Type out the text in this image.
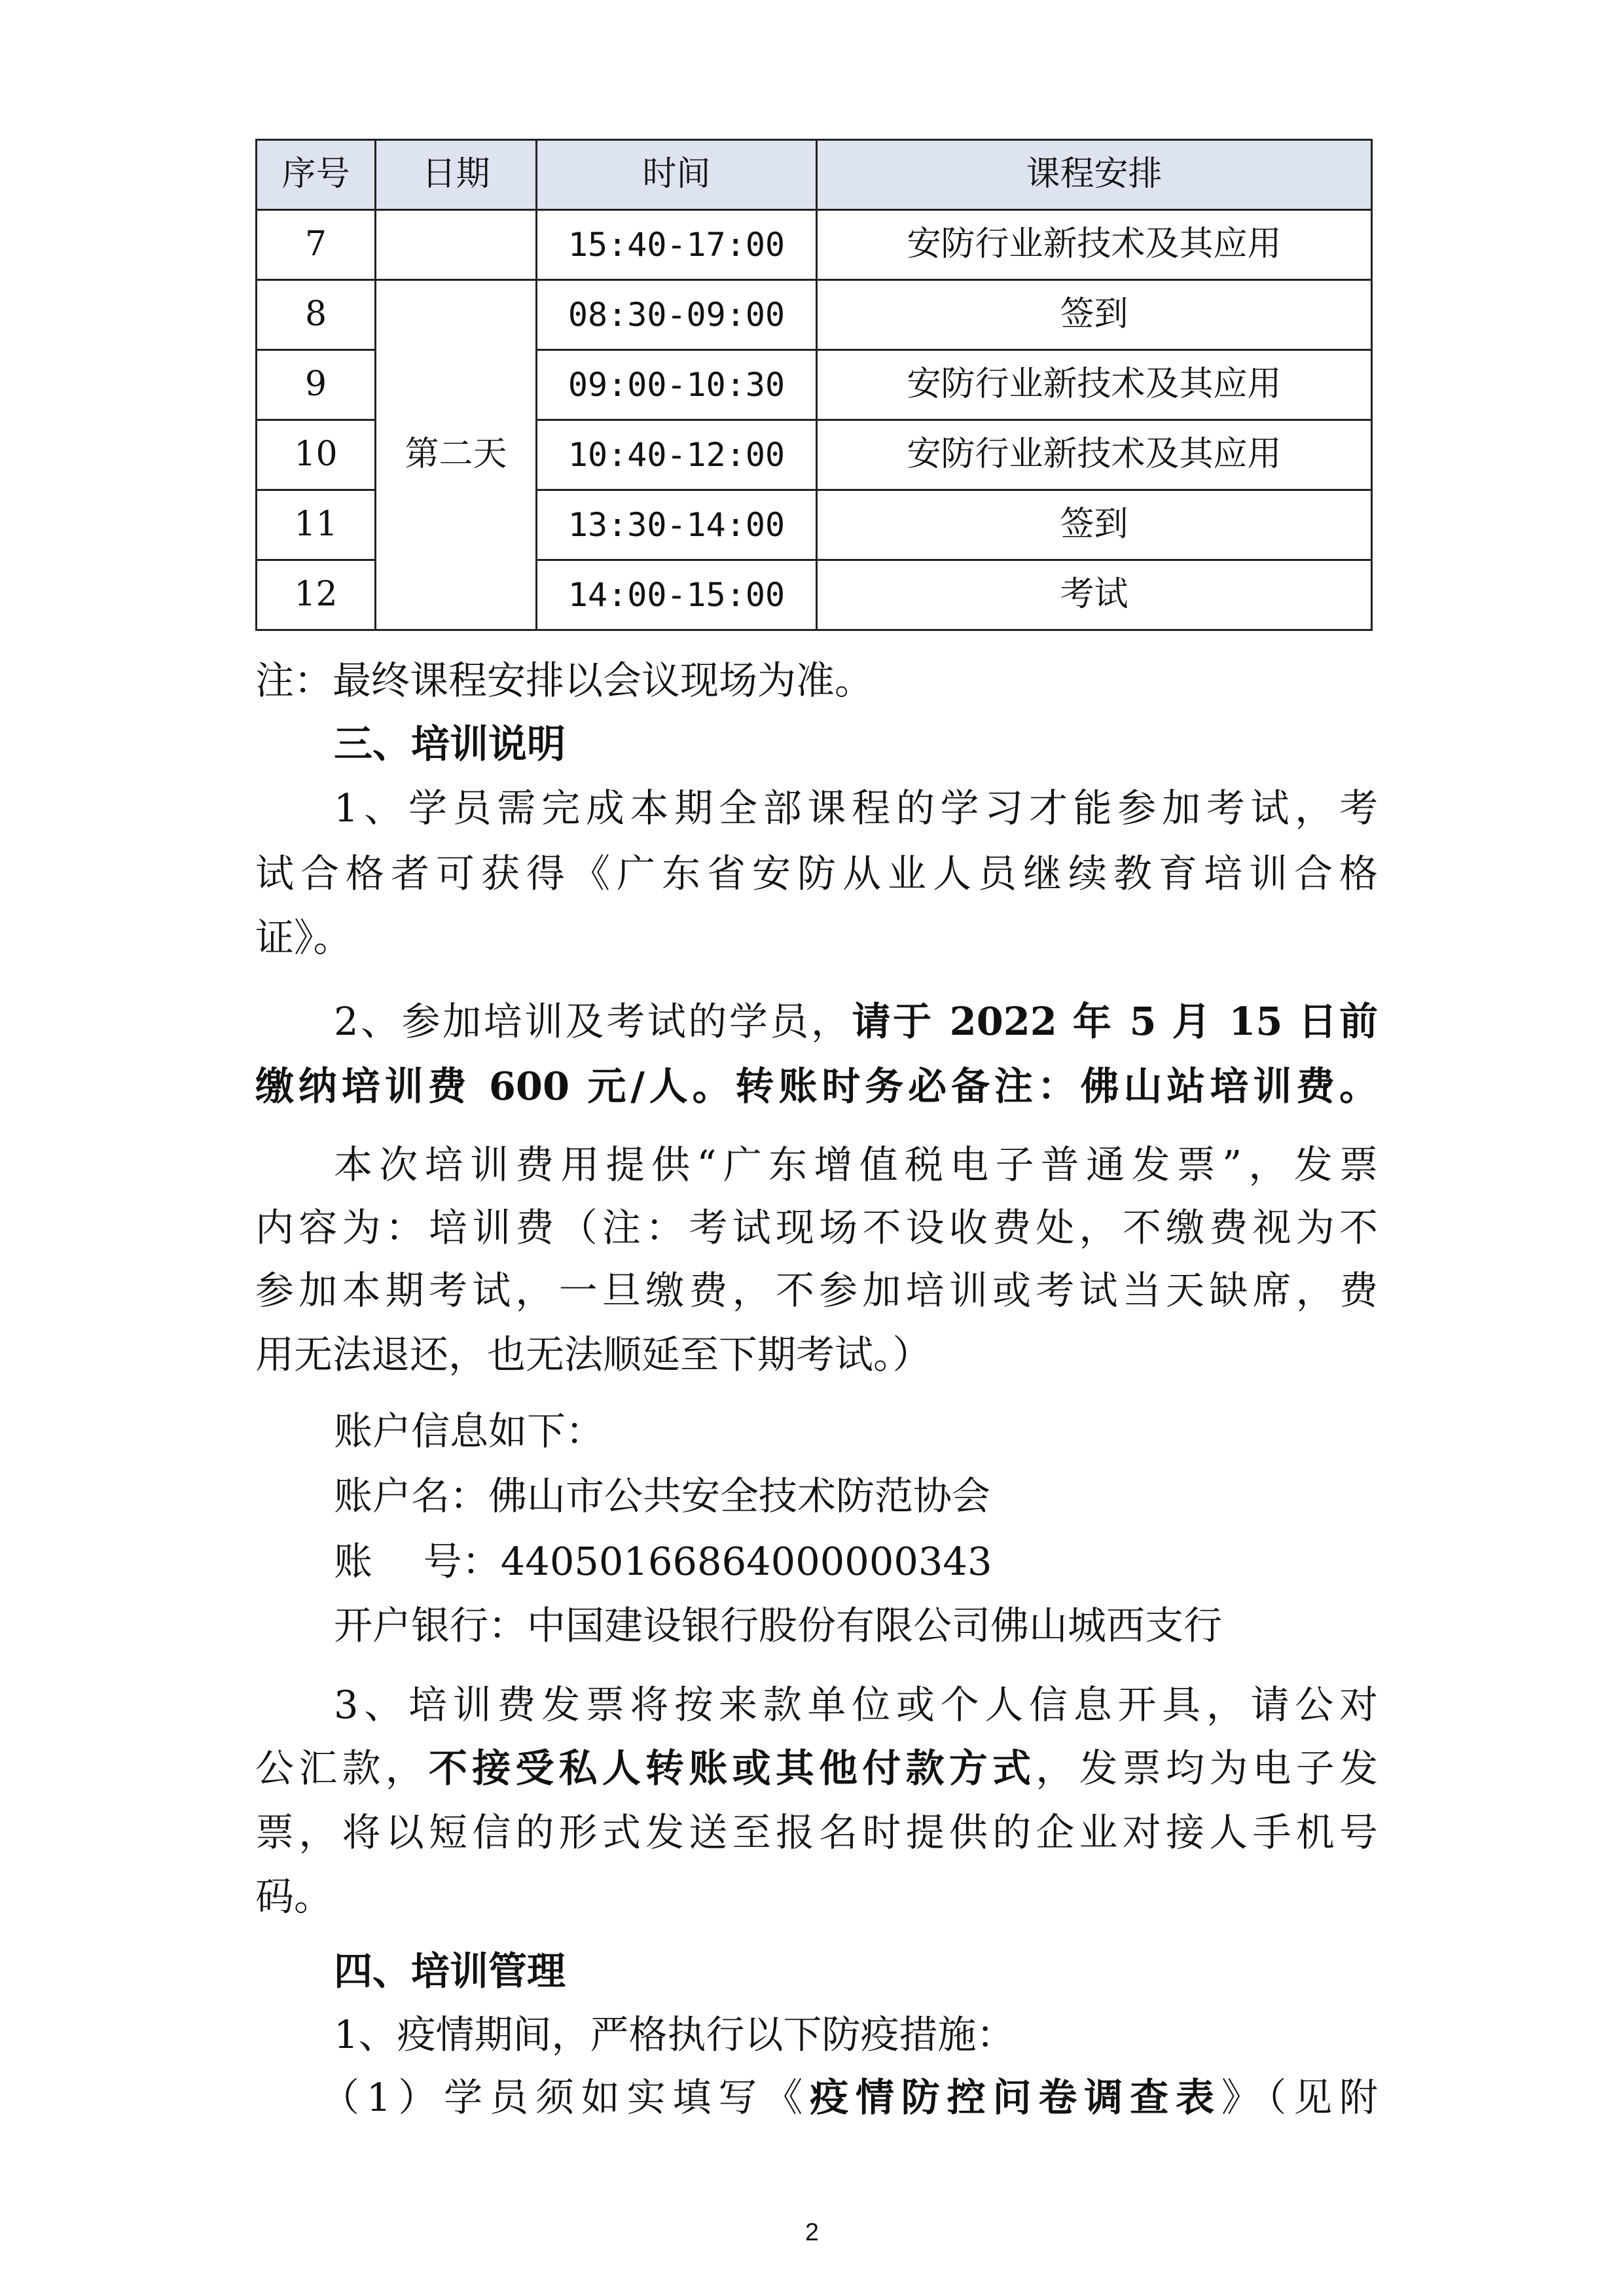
序号	日期	时间	课程安排
7		15:40-17:00	安防行业新技术及其应用
8	第二天	08:30-09:00	签到
9		09:00-10:30	安防行业新技术及其应用
10		10:40-12:00	安防行业新技术及其应用
11		13:30-14:00	签到
12		14:00-15:00	考试
注：最终课程安排以会议现场为准。
三、培训说明
1、学员需完成本期全部课程的学习才能参加考试，考
试合格者可获得《广东省安防从业人员继续教育培训合格
证》。
2、参加培训及考试的学员，请于 2022 年 5 月 15 日前
缴纳培训费 600 元/人。转账时务必备注：佛山站培训费。
本次培训费用提供“广东增值税电子普通发票”，发票
内容为：培训费（注：考试现场不设收费处，不缴费视为不
参加本期考试，一旦缴费，不参加培训或考试当天缺席，费
用无法退还，也无法顺延至下期考试。）
账户信息如下：
账户名：佛山市公共安全技术防范协会
账　 号：44050166864000000343
开户银行：中国建设银行股份有限公司佛山城西支行
3、培训费发票将按来款单位或个人信息开具，请公对
公汇款，不接受私人转账或其他付款方式，发票均为电子发
票，将以短信的形式发送至报名时提供的企业对接人手机号
码。
四、培训管理
1、疫情期间，严格执行以下防疫措施：
（1）学员须如实填写《疫情防控问卷调查表》（见附
2
